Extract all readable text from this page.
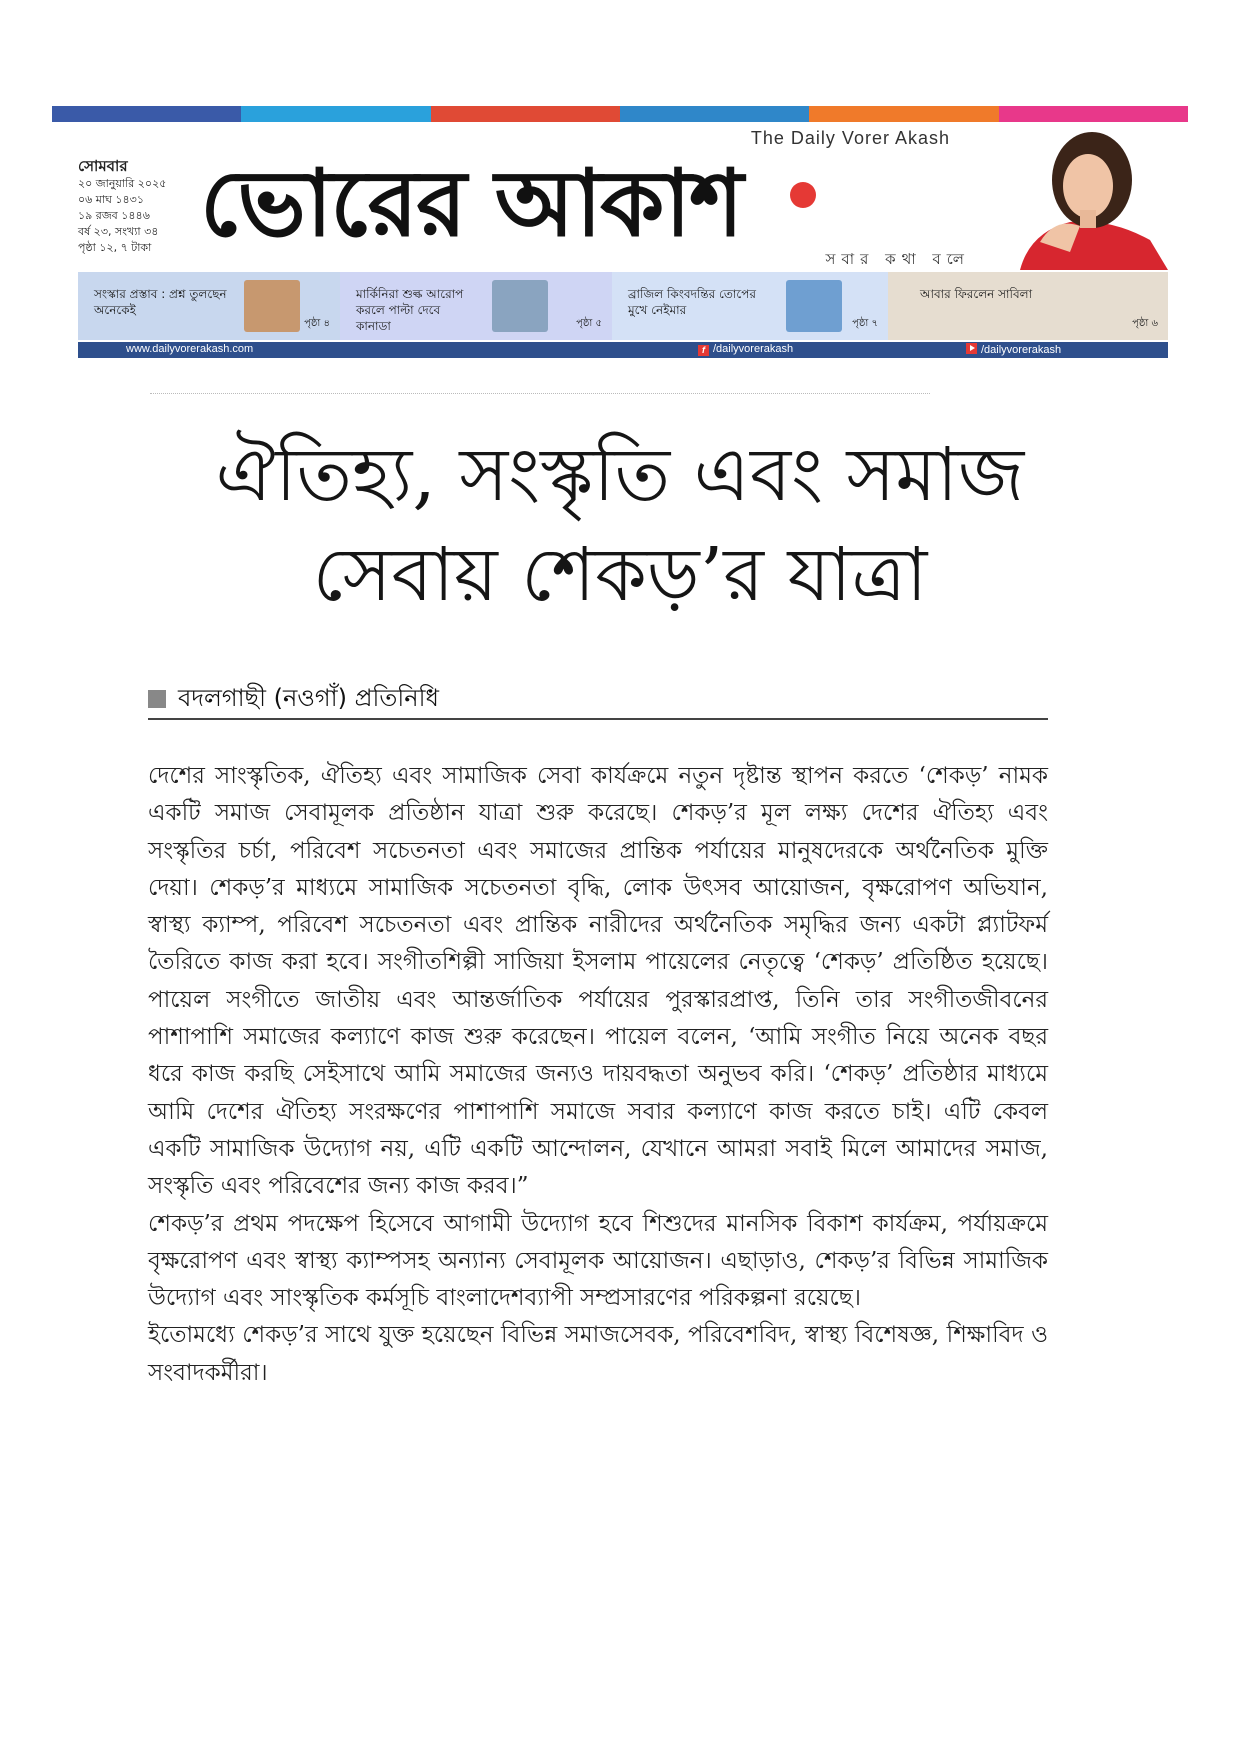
The Daily Vorer Akash
সোমবার
২০ জানুয়ারি ২০২৫
০৬ মাঘ ১৪৩১
১৯ রজব ১৪৪৬
বর্ষ ২৩, সংখ্যা ৩৪
পৃষ্ঠা ১২, ৭ টাকা ভোরের আকাশ
সবার কথা বলে
সংস্কার প্রস্তাব : প্রশ্ন তুলছেন অনেকেই
পৃষ্ঠা ৪
মার্কিনিরা শুল্ক আরোপ করলে পাল্টা দেবে কানাডা	পৃষ্ঠা ৫
ব্রাজিল কিংবদন্তির তোপের মুখে নেইমার
পৃষ্ঠা ৭
আবার ফিরলেন সাবিলা
পৃষ্ঠা ৬
www.dailyvorerakash.com	f /dailyvorerakash	/dailyvorerakash
ঐতিহ্য, সংস্কৃতি এবং সমাজ
সেবায় শেকড়’র যাত্রা
বদলগাছী (নওগাঁ) প্রতিনিধি

দেশের সাংস্কৃতিক, ঐতিহ্য এবং সামাজিক সেবা কার্যক্রমে নতুন দৃষ্টান্ত স্থাপন করতে ‘শেকড়’ নামক একটি সমাজ সেবামূলক প্রতিষ্ঠান যাত্রা শুরু করেছে। শেকড়’র মূল লক্ষ্য দেশের ঐতিহ্য এবং সংস্কৃতির চর্চা, পরিবেশ সচেতনতা এবং সমাজের প্রান্তিক পর্যায়ের মানুষদেরকে অর্থনৈতিক মুক্তি দেয়া। শেকড়’র মাধ্যমে সামাজিক সচেতনতা বৃদ্ধি, লোক উৎসব আয়োজন, বৃক্ষরোপণ অভিযান, স্বাস্থ্য ক্যাম্প, পরিবেশ সচেতনতা এবং প্রান্তিক নারীদের অর্থনৈতিক সমৃদ্ধির জন্য একটা প্ল্যাটফর্ম তৈরিতে কাজ করা হবে। সংগীতশিল্পী সাজিয়া ইসলাম পায়েলের নেতৃত্বে ‘শেকড়’ প্রতিষ্ঠিত হয়েছে। পায়েল সংগীতে জাতীয় এবং আন্তর্জাতিক পর্যায়ের পুরস্কারপ্রাপ্ত, তিনি তার সংগীতজীবনের পাশাপাশি সমাজের কল্যাণে কাজ শুরু করেছেন। পায়েল বলেন, ‘আমি সংগীত নিয়ে অনেক বছর ধরে কাজ করছি সেইসাথে আমি সমাজের জন্যও দায়বদ্ধতা অনুভব করি। ‘শেকড়’ প্রতিষ্ঠার মাধ্যমে আমি দেশের ঐতিহ্য সংরক্ষণের পাশাপাশি সমাজে সবার কল্যাণে কাজ করতে চাই। এটি কেবল একটি সামাজিক উদ্যোগ নয়, এটি একটি আন্দোলন, যেখানে আমরা সবাই মিলে আমাদের সমাজ, সংস্কৃতি এবং পরিবেশের জন্য কাজ করব।”

শেকড়’র প্রথম পদক্ষেপ হিসেবে আগামী উদ্যোগ হবে শিশুদের মানসিক বিকাশ কার্যক্রম, পর্যায়ক্রমে বৃক্ষরোপণ এবং স্বাস্থ্য ক্যাম্পসহ অন্যান্য সেবামূলক আয়োজন। এছাড়াও, শেকড়’র বিভিন্ন সামাজিক উদ্যোগ এবং সাংস্কৃতিক কর্মসূচি বাংলাদেশব্যাপী সম্প্রসারণের পরিকল্পনা রয়েছে।

ইতোমধ্যে শেকড়’র সাথে যুক্ত হয়েছেন বিভিন্ন সমাজসেবক, পরিবেশবিদ, স্বাস্থ্য বিশেষজ্ঞ, শিক্ষাবিদ ও সংবাদকর্মীরা।
